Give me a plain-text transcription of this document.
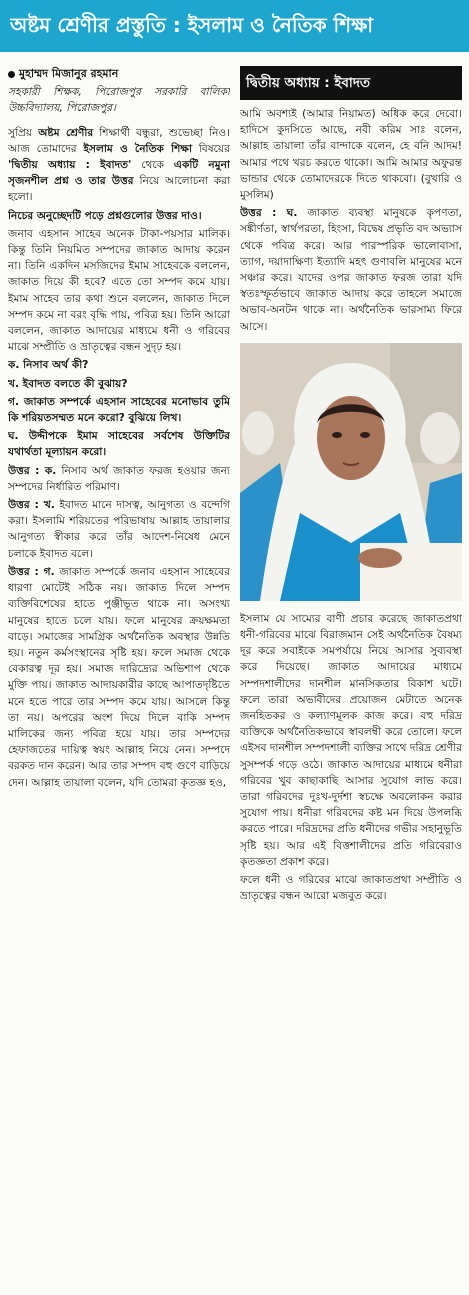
অষ্টম শ্রেণীর প্রস্তুতি : ইসলাম ও নৈতিক শিক্ষা

মুহাম্মদ মিজানুর রহমান

সহকারী শিক্ষক, পিরোজপুর সরকারি বালিকা উচ্চবিদ্যালয়, পিরোজপুর।

সুপ্রিয় অষ্টম শ্রেণীর শিক্ষার্থী বন্ধুরা, শুভেচ্ছা নিও। আজ তোমাদের ইসলাম ও নৈতিক শিক্ষা বিষয়ের 'দ্বিতীয় অধ্যায় : ইবাদত' থেকে একটি নমুনা সৃজনশীল প্রশ্ন ও তার উত্তর নিয়ে আলোচনা করা হলো।

নিচের অনুচ্ছেদটি পড়ে প্রশ্নগুলোর উত্তর দাও।

জনাব এহসান সাহেব অনেক টাকা-পয়সার মালিক। কিন্তু তিনি নিয়মিত সম্পদের জাকাত আদায় করেন না। তিনি একদিন মসজিদের ইমাম সাহেবকে বললেন, জাকাত দিয়ে কী হবে? এতে তো সম্পদ কমে যায়। ইমাম সাহেব তার কথা শুনে বললেন, জাকাত দিলে সম্পদ কমে না বরং বৃদ্ধি পায়, পবিত্র হয়। তিনি আরো বললেন, জাকাত আদায়ের মাধ্যমে ধনী ও গরিবের মাঝে সম্প্রীতি ও ভ্রাতৃত্বের বন্ধন সুদৃঢ় হয়।

ক. নিসাব অর্থ কী?

খ. ইবাদত বলতে কী বুঝায়?

গ. জাকাত সম্পর্কে এহসান সাহেবের মনোভাব তুমি কি শরিয়তসম্মত মনে করো? বুঝিয়ে লিখ।

ঘ. উদ্দীপকে ইমাম সাহেবের সর্বশেষ উক্তিটির যথার্থতা মূল্যায়ন করো।

উত্তর : ক. নিসাব অর্থ জাকাত ফরজ হওয়ার জন্য সম্পদের নির্ধারিত পরিমাণ।

উত্তর : খ. ইবাদত মানে দাসত্ব, আনুগত্য ও বন্দেগি করা। ইসলামি শরিয়তের পরিভাষায় আল্লাহ তায়ালার আনুগত্য স্বীকার করে তাঁর আদেশ-নিষেধ মেনে চলাকে ইবাদত বলে।

উত্তর : গ. জাকাত সম্পর্কে জনাব এহসান সাহেবের ধারণা মোটেই সঠিক নয়। জাকাত দিলে সম্পদ ব্যক্তিবিশেষের হাতে পুঞ্জীভূত থাকে না। অসংখ্য মানুষের হাতে চলে যায়। ফলে মানুষের ক্রয়ক্ষমতা বাড়ে। সমাজের সামগ্রিক অর্থনৈতিক অবস্থার উন্নতি হয়। নতুন কর্মসংস্থানের সৃষ্টি হয়। ফলে সমাজ থেকে বেকারত্ব দূর হয়। সমাজ দারিদ্র্যের অভিশাপ থেকে মুক্তি পায়। জাকাত আদায়কারীর কাছে আপাতদৃষ্টিতে মনে হতে পারে তার সম্পদ কমে যায়। আসলে কিন্তু তা নয়। অপরের অংশ দিয়ে দিলে বাকি সম্পদ মালিকের জন্য পবিত্র হয়ে যায়। তার সম্পদের হেফাজতের দায়িত্ব স্বয়ং আল্লাহ নিয়ে নেন। সম্পদে বরকত দান করেন। আর তার সম্পদ বহু গুণে বাড়িয়ে দেন। আল্লাহ তায়ালা বলেন, যদি তোমরা কৃতজ্ঞ হও,

দ্বিতীয় অধ্যায় : ইবাদত

আমি অবশ্যই (আমার নিয়ামত) অধিক করে দেবো। হাদিসে কুদসিতে আছে, নবী করিম সাঃ বলেন, আল্লাহ তায়ালা তাঁর বান্দাকে বলেন, হে বনি আদম! আমার পথে খরচ করতে থাকো। আমি আমার অফুরন্ত ভান্ডার থেকে তোমাদেরকে দিতে থাকবো। (বুখারি ও মুসলিম)

উত্তর : ঘ. জাকাত ব্যবস্থা মানুষকে কৃপণতা, সঙ্কীর্ণতা, স্বার্থপরতা, হিংসা, বিদ্বেষ প্রভৃতি বদ অভ্যাস থেকে পবিত্র করে। আর পারস্পরিক ভালোবাসা, ত্যাগ, দয়াদাক্ষিণ্য ইত্যাদি মহৎ গুণাবলি মানুষের মনে সঞ্চার করে। যাদের ওপর জাকাত ফরজ তারা যদি স্বতঃস্ফূর্তভাবে জাকাত আদায় করে তাহলে সমাজে অভাব-অনটন থাকে না। অর্থনৈতিক ভারসাম্য ফিরে আসে।

ইসলাম যে সাম্যের বাণী প্রচার করেছে জাকাতপ্রথা ধনী-গরিবের মাঝে বিরাজমান সেই অর্থনৈতিক বৈষম্য দূর করে সবাইকে সমপর্যায়ে নিয়ে আসার সুব্যবস্থা করে দিয়েছে। জাকাত আদায়ের মাধ্যমে সম্পদশালীদের দানশীল মানসিকতার বিকাশ ঘটে। ফলে তারা অভাবীদের প্রয়োজন মেটাতে অনেক জনহিতকর ও কল্যাণমূলক কাজ করে। বহু দরিদ্র ব্যক্তিকে অর্থনৈতিকভাবে স্বাবলম্বী করে তোলে। ফলে এইসব দানশীল সম্পদশালী ব্যক্তির সাথে দরিদ্র শ্রেণীর সুসম্পর্ক গড়ে ওঠে। জাকাত আদায়ের মাধ্যমে ধনীরা গরিবের খুব কাছাকাছি আসার সুযোগ লাভ করে। তারা গরিবদের দুঃখ-দুর্দশা স্বচক্ষে অবলোকন করার সুযোগ পায়। ধনীরা গরিবদের কষ্ট মন দিয়ে উপলব্ধি করতে পারে। দরিদ্রদের প্রতি ধনীদের গভীর সহানুভূতি সৃষ্টি হয়। আর এই বিত্তশালীদের প্রতি গরিবেরাও কৃতজ্ঞতা প্রকাশ করে।

ফলে ধনী ও গরিবের মাঝে জাকাতপ্রথা সম্প্রীতি ও ভ্রাতৃত্বের বন্ধন আরো মজবুত করে।
